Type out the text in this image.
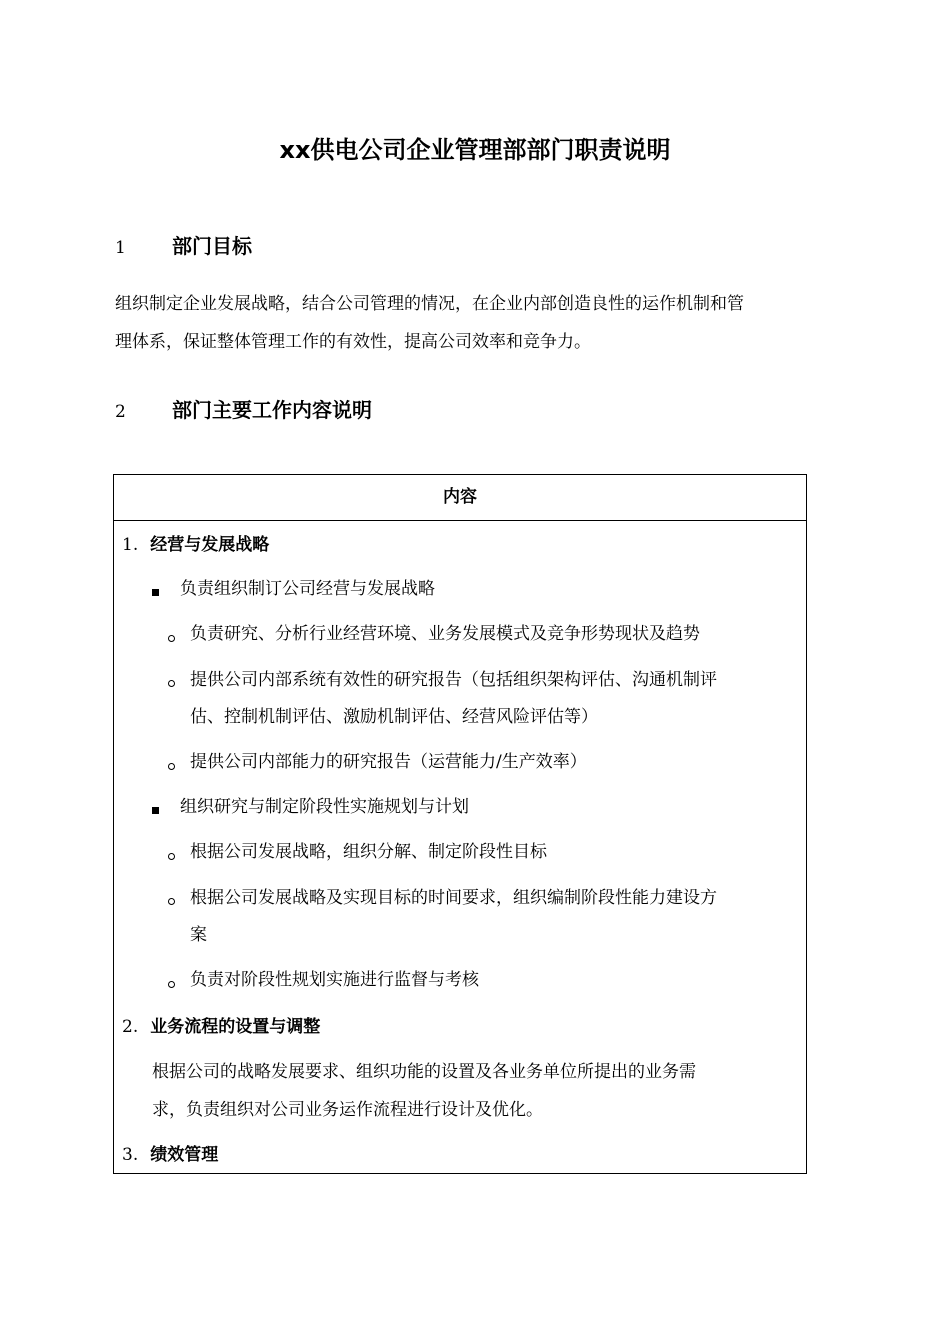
xx供电公司企业管理部部门职责说明
1 部门目标
组织制定企业发展战略，结合公司管理的情况，在企业内部创造良性的运作机制和管
理体系，保证整体管理工作的有效性，提高公司效率和竞争力。
2 部门主要工作内容说明
内容
1. 经营与发展战略
负责组织制订公司经营与发展战略
负责研究、分析行业经营环境、业务发展模式及竞争形势现状及趋势
提供公司内部系统有效性的研究报告（包括组织架构评估、沟通机制评
估、控制机制评估、激励机制评估、经营风险评估等）
提供公司内部能力的研究报告（运营能力/生产效率）
组织研究与制定阶段性实施规划与计划
根据公司发展战略，组织分解、制定阶段性目标
根据公司发展战略及实现目标的时间要求，组织编制阶段性能力建设方
案
负责对阶段性规划实施进行监督与考核
2. 业务流程的设置与调整
根据公司的战略发展要求、组织功能的设置及各业务单位所提出的业务需
求，负责组织对公司业务运作流程进行设计及优化。
3. 绩效管理
